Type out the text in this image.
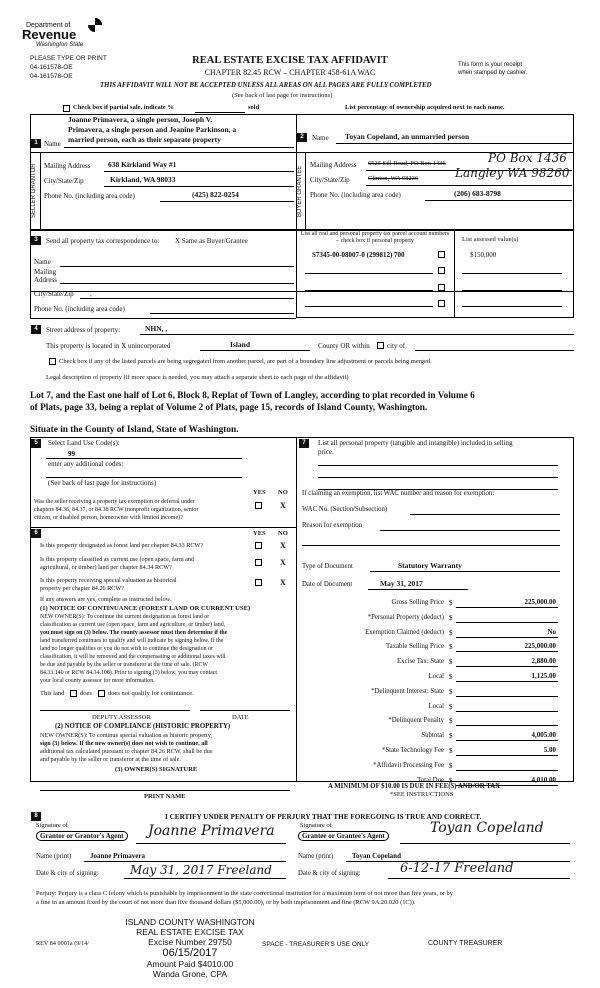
Department of
Revenue
Washington State
PLEASE TYPE OR PRINT
04-161578-OE
04-161578-OE
REAL ESTATE EXCISE TAX AFFIDAVIT
CHAPTER 82.45 RCW – CHAPTER 458-61A WAC
This form is your receipt
when stamped by cashier.
THIS AFFIDAVIT WILL NOT BE ACCEPTED UNLESS ALL AREAS ON ALL PAGES ARE FULLY COMPLETED
(See back of last page for instructions)
Check box if partial sale, indicate %	sold	List percentage of ownership acquired next to each name.
SELLER GRANTOR	BUYER GRANTEE
1 Name
Joanne Primavera, a single person, Joseph V.
Primavera, a single person and Jeanine Parkinson, a
married person, each as their separate property
Mailing Address 638 Kirkland Way #1
City/State/Zip	Kirkland, WA 98033
Phone No. (including area code)	(425) 822-0254
2	Name Toyan Copeland, an unmarried person
Mailing Address 6525 Sill Road, PO Box 1436	PO Box 1436
City/State/Zip	Clinton, WA 98236	Langley WA 98260
Phone No. (including area code)	(206) 683-8798
3	Send all property tax correspondence to: X Same as Buyer/Grantee
Name
Mailing
Address
City/State/Zip ,
Phone No. (including area code)
List all real and personal property tax parcel account numbers – check box if personal property	List assessed value(s)
S7345-00-08007-0 (299812) 700	$150,000
4	Street address of property:	NHN, ,
This property is located in X unincorporated	Island	County OR within city of
Check box if any of the listed parcels are being segregated from another parcel, are part of a boundary line adjustment or parcels being merged.
Legal description of property (if more space is needed, you may attach a separate sheet to each page of the affidavit)
Lot 7, and the East one half of Lot 6, Block 8, Replat of Town of Langley, according to plat recorded in Volume 6
of Plats, page 33, being a replat of Volume 2 of Plats, page 15, records of Island County, Washington.
Situate in the County of Island, State of Washington.
5	Select Land Use Code(s):
99
enter any additional codes:
(See back of last page for instructions)
YES NO
Was the seller receiving a property tax exemption or deferral under
chapters 84.36, 84.37, or 84.38 RCW (nonprofit organization, senior
citizen, or disabled person, homeowner with limited income)?
X
6	YES NO
Is this property designated as forest land per chapter 84.33 RCW?	X
Is this property classified as current use (open space, farm and
agricultural, or timber) land per chapter 84.34 RCW?
X
Is this property receiving special valuation as historical
property per chapter 84.26 RCW?
X
If any answers are yes, complete as instructed below.
(1) NOTICE OF CONTINUANCE (FOREST LAND OR CURRENT USE)
NEW OWNER(S): To continue the current designation as forest land or
classification as current use (open space, farm and agriculture, or timber) land,
you must sign on (3) below. The county assessor must then determine if the
land transferred continues to qualify and will indicate by signing below. If the
land no longer qualifies or you do not wish to continue the designation or
classification, it will be removed and the compensating or additional taxes will
be due and payable by the seller or transferor at the time of sale. (RCW
84.33.140 or RCW 84.34.108). Prior to signing (3) below, you may contact
your local county assessor for more information.
This land does does not qualify for continuance.
DEPUTY ASSESSOR	DATE
(2) NOTICE OF COMPLIANCE (HISTORIC PROPERTY)
NEW OWNER(S): To continue special valuation as historic property,
sign (3) below. If the new owner(s) does not wish to continue, all
additional tax calculated pursuant to chapter 84.26 RCW, shall be due
and payable by the seller or transferor at the time of sale.
(3) OWNER(S) SIGNATURE
PRINT NAME
7	List all personal property (tangible and intangible) included in selling
price.
If claiming an exemption, list WAC number and reason for exemption:
WAC No. (Section/Subsection)
Reason for exemption
Type of Document	Statutory Warranty
Date of Document	May 31, 2017
Gross Selling Price $	225,000.00
*Personal Property (deduct) $
Exemption Claimed (deduct) $	No
Taxable Selling Price $	225,000.00
Excise Tax: State $	2,880.00
Local $	1,125.00
*Delinquent Interest: State $
Local $
*Delinquent Penalty $
Subtotal $	4,005.00
*State Technology Fee $	5.00
*Affidavit Processing Fee $
Total Due $	4,010.00
A MINIMUM OF $10.00 IS DUE IN FEE(S) AND/OR TAX
*SEE INSTRUCTIONS
8	I CERTIFY UNDER PENALTY OF PERJURY THAT THE FOREGOING IS TRUE AND CORRECT.
Signature of
Grantor or Grantor's Agent Joanne Primavera
Name (print)	Joanne Primavera
Date & city of signing:	May 31, 2017 Freeland
Signature of
Grantee or Grantee's Agent	Toyan Copeland
Name (print)	Toyan Copeland
Date & city of signing:	6-12-17 Freeland
Perjury: Perjury is a class C felony which is punishable by imprisonment in the state correctional institution for a maximum term of not more than five years, or by
a fine in an amount fixed by the court of not more than five thousand dollars ($5,000.00), or by both imprisonment and fine (RCW 9A.20.020 (1C)).
ISLAND COUNTY WASHINGTON
REAL ESTATE EXCISE TAX
Excise Number 29750
06/15/2017
Amount Paid $4010.00
Wanda Grone, CPA
REV 84 0001a (9/14/	SPACE - TREASURER'S USE ONLY	COUNTY TREASURER
